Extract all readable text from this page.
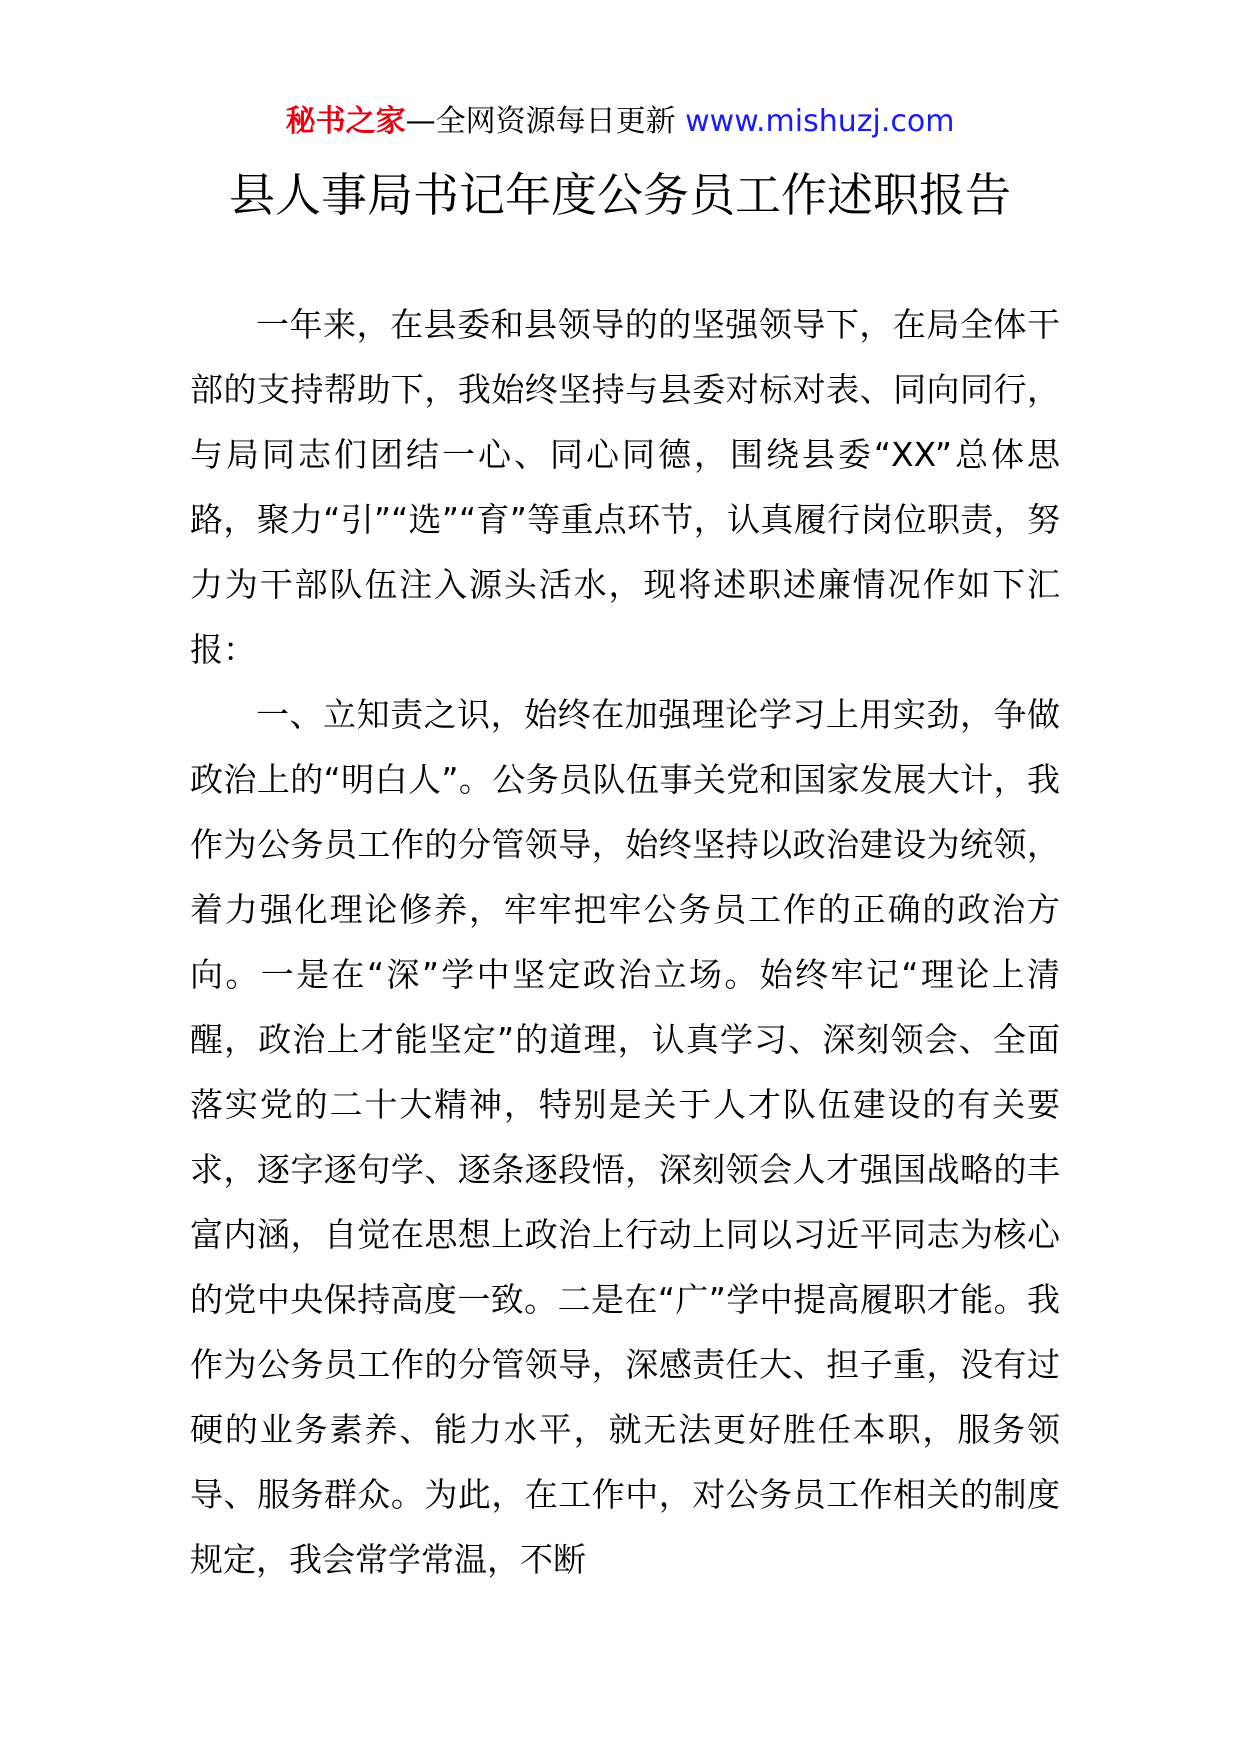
秘书之家—全网资源每日更新 www.mishuzj.com
县人事局书记年度公务员工作述职报告

一年来，在县委和县领导的的坚强领导下，在局全体干部的支持帮助下，我始终坚持与县委对标对表、同向同行，与局同志们团结一心、同心同德，围绕县委“XX”总体思路，聚力“引”“选”“育”等重点环节，认真履行岗位职责，努力为干部队伍注入源头活水，现将述职述廉情况作如下汇报：

一、立知责之识，始终在加强理论学习上用实劲，争做政治上的“明白人”。公务员队伍事关党和国家发展大计，我作为公务员工作的分管领导，始终坚持以政治建设为统领，着力强化理论修养，牢牢把牢公务员工作的正确的政治方向。一是在“深”学中坚定政治立场。始终牢记“理论上清醒，政治上才能坚定”的道理，认真学习、深刻领会、全面落实党的二十大精神，特别是关于人才队伍建设的有关要求，逐字逐句学、逐条逐段悟，深刻领会人才强国战略的丰富内涵，自觉在思想上政治上行动上同以习近平同志为核心的党中央保持高度一致。二是在“广”学中提高履职才能。我作为公务员工作的分管领导，深感责任大、担子重，没有过硬的业务素养、能力水平，就无法更好胜任本职，服务领导、服务群众。为此，在工作中，对公务员工作相关的制度规定，我会常学常温，不断
